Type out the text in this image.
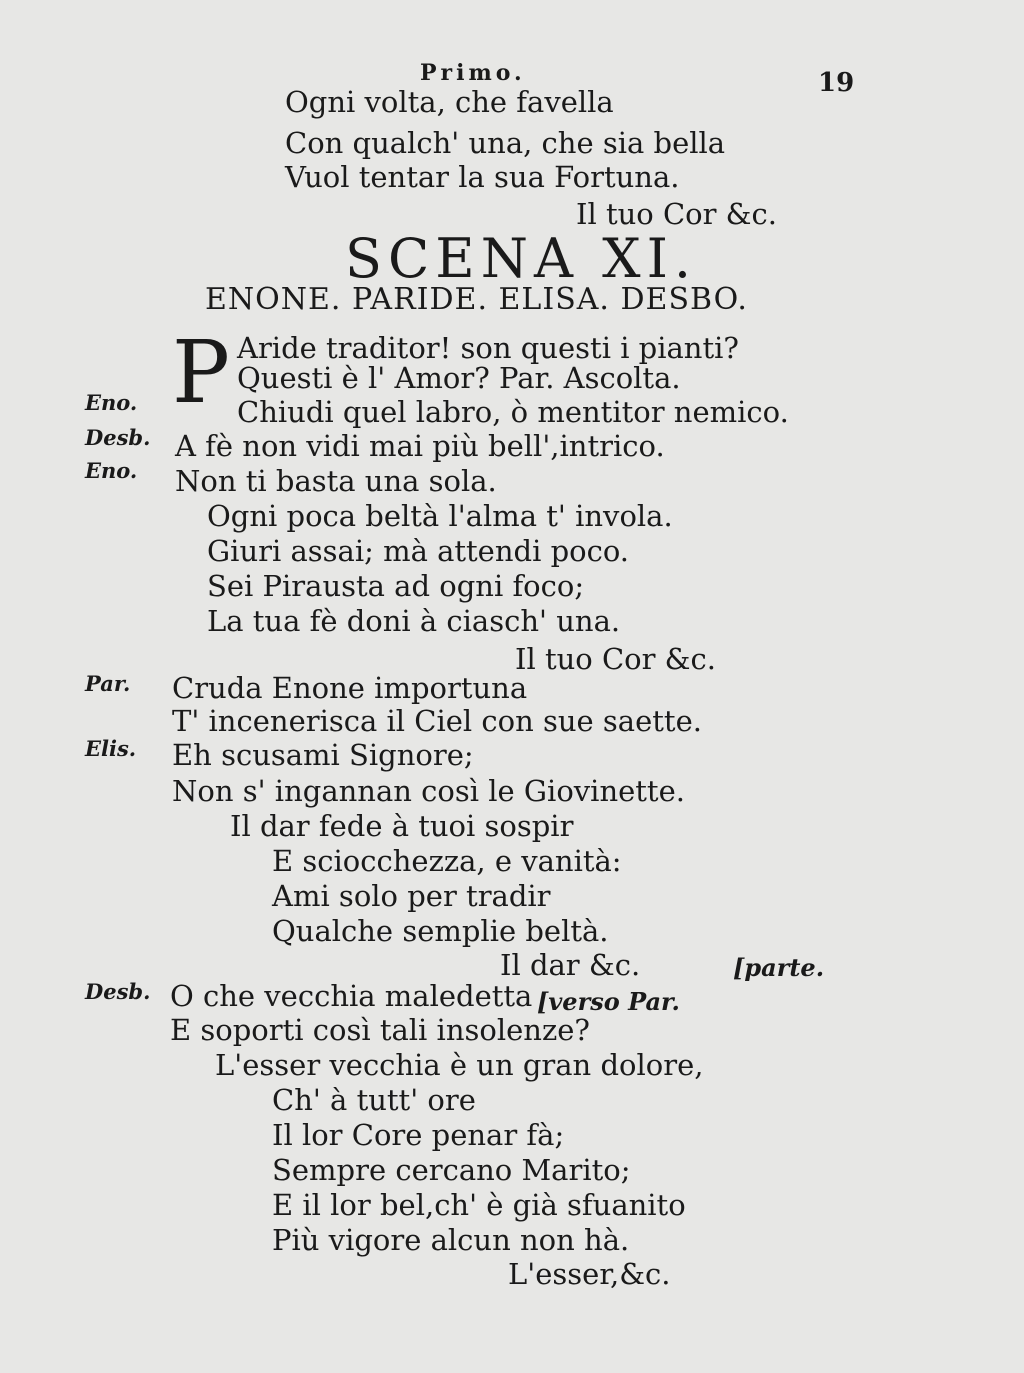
Primo.	19
Ogni volta, che favella
Con qualch' una, che sia bella
Vuol tentar la sua Fortuna.
Il tuo Cor &c.
SCENA XI.
ENONE. PARIDE. ELISA. DESBO.
P
Eno.
Desb.
Eno.
Par.
Elis.
Desb.
Aride traditor! son questi i pianti?
Questi è l' Amor? Par. Ascolta.
Chiudi quel labro, ò mentitor nemico.
A fè non vidi mai più bell',intrico.
Non ti basta una sola.
Ogni poca beltà l'alma t' invola.
Giuri assai; mà attendi poco.
Sei Pirausta ad ogni foco;
La tua fè doni à ciasch' una.
Il tuo Cor &c.
Cruda Enone importuna
T' incenerisca il Ciel con sue saette.
Eh scusami Signore;
Non s' ingannan così le Giovinette.
Il dar fede à tuoi sospir
E sciocchezza, e vanità:
Ami solo per tradir
Qualche semplie beltà.
Il dar &c.	[parte.
O che vecchia maledetta [verso Par.
E soporti così tali insolenze?
L'esser vecchia è un gran dolore,
Ch' à tutt' ore
Il lor Core penar fà;
Sempre cercano Marito;
E il lor bel,ch' è già sfuanito
Più vigore alcun non hà.
L'esser,&c.
